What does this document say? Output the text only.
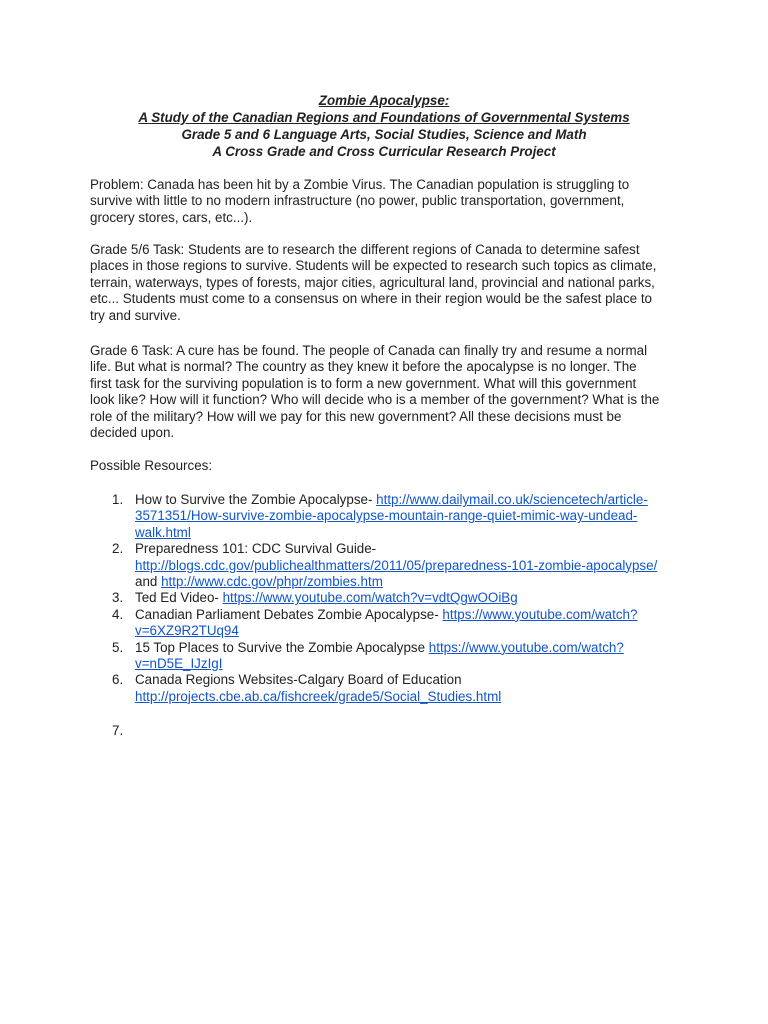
Zombie Apocalypse:
A Study of the Canadian Regions and Foundations of Governmental Systems
Grade 5 and 6 Language Arts, Social Studies, Science and Math
A Cross Grade and Cross Curricular Research Project

Problem: Canada has been hit by a Zombie Virus. The Canadian population is struggling to
survive with little to no modern infrastructure (no power, public transportation, government,
grocery stores, cars, etc...).

Grade 5/6 Task: Students are to research the different regions of Canada to determine safest
places in those regions to survive. Students will be expected to research such topics as climate,
terrain, waterways, types of forests, major cities, agricultural land, provincial and national parks,
etc... Students must come to a consensus on where in their region would be the safest place to
try and survive.

Grade 6 Task: A cure has be found. The people of Canada can finally try and resume a normal
life. But what is normal? The country as they knew it before the apocalypse is no longer. The
first task for the surviving population is to form a new government. What will this government
look like? How will it function? Who will decide who is a member of the government? What is the
role of the military? How will we pay for this new government? All these decisions must be
decided upon.

Possible Resources:

1. How to Survive the Zombie Apocalypse- http://www.dailymail.co.uk/sciencetech/article-
3571351/How-survive-zombie-apocalypse-mountain-range-quiet-mimic-way-undead-
walk.html
2. Preparedness 101: CDC Survival Guide-
http://blogs.cdc.gov/publichealthmatters/2011/05/preparedness-101-zombie-apocalypse/
and http://www.cdc.gov/phpr/zombies.htm
3. Ted Ed Video- https://www.youtube.com/watch?v=vdtQgwOOiBg
4. Canadian Parliament Debates Zombie Apocalypse- https://www.youtube.com/watch?
v=6XZ9R2TUq94
5. 15 Top Places to Survive the Zombie Apocalypse https://www.youtube.com/watch?
v=nD5E_IJzIgI
6. Canada Regions Websites-Calgary Board of Education
http://projects.cbe.ab.ca/fishcreek/grade5/Social_Studies.html
7.
